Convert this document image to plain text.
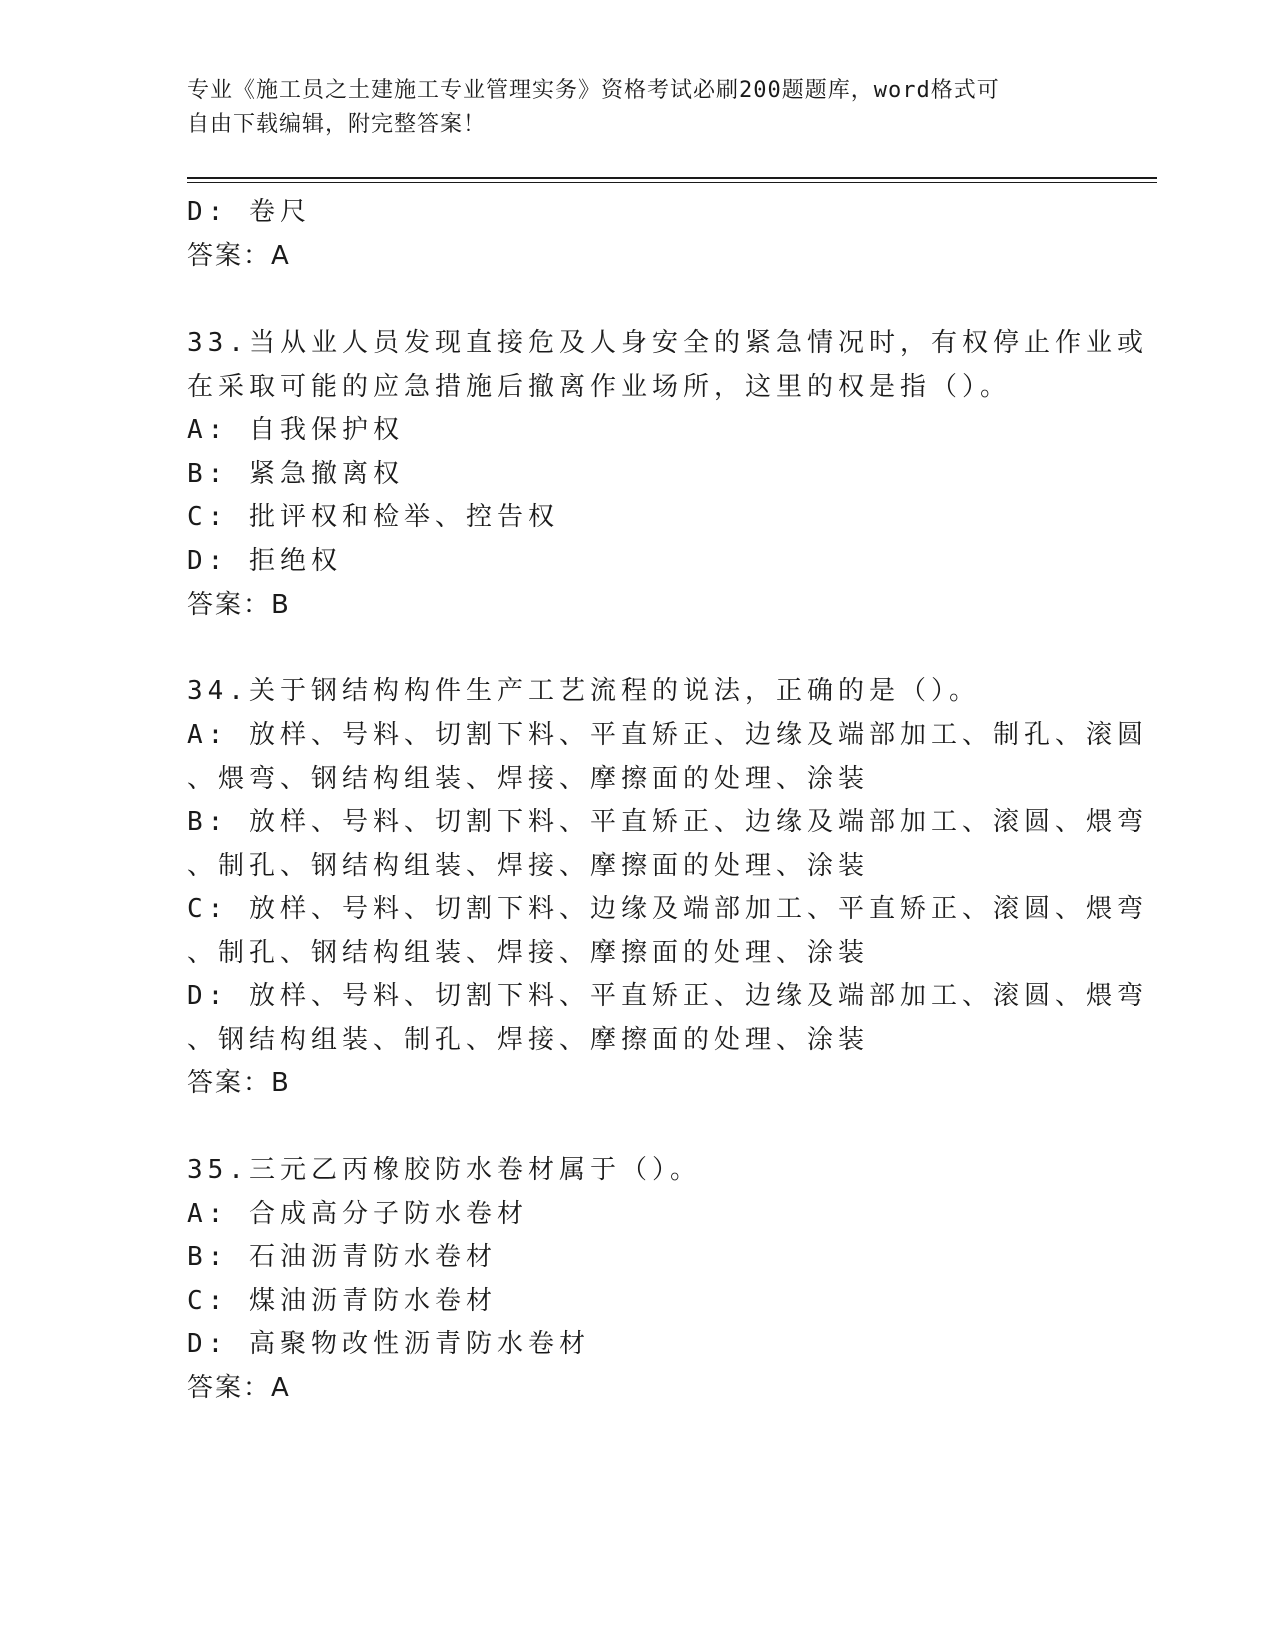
专业《施工员之土建施工专业管理实务》资格考试必刷200题题库，word格式可
自由下载编辑，附完整答案！
D: 卷尺
答案：A
33.当从业人员发现直接危及人身安全的紧急情况时，有权停止作业或
在采取可能的应急措施后撤离作业场所，这里的权是指（）。
A: 自我保护权
B: 紧急撤离权
C: 批评权和检举、控告权
D: 拒绝权
答案：B
34.关于钢结构构件生产工艺流程的说法，正确的是（）。
A: 放样、号料、切割下料、平直矫正、边缘及端部加工、制孔、滚圆
、煨弯、钢结构组装、焊接、摩擦面的处理、涂装
B: 放样、号料、切割下料、平直矫正、边缘及端部加工、滚圆、煨弯
、制孔、钢结构组装、焊接、摩擦面的处理、涂装
C: 放样、号料、切割下料、边缘及端部加工、平直矫正、滚圆、煨弯
、制孔、钢结构组装、焊接、摩擦面的处理、涂装
D: 放样、号料、切割下料、平直矫正、边缘及端部加工、滚圆、煨弯
、钢结构组装、制孔、焊接、摩擦面的处理、涂装
答案：B
35.三元乙丙橡胶防水卷材属于（）。
A: 合成高分子防水卷材
B: 石油沥青防水卷材
C: 煤油沥青防水卷材
D: 高聚物改性沥青防水卷材
答案：A
